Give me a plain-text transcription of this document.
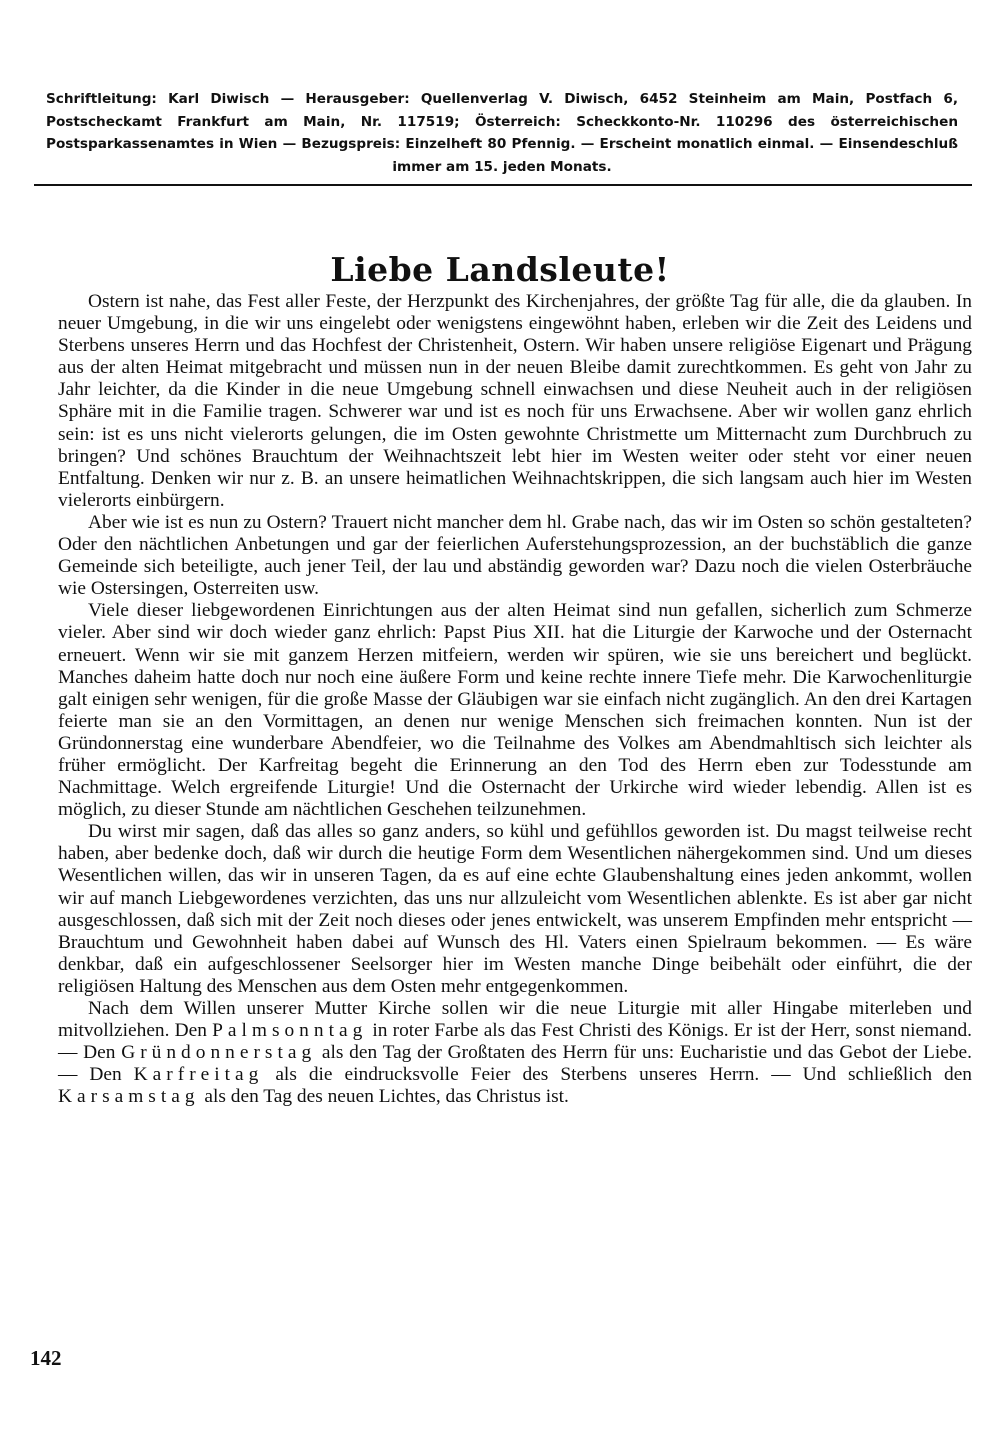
Schriftleitung: Karl Diwisch — Herausgeber: Quellenverlag V. Diwisch, 6452 Steinheim am Main, Postfach 6, Postscheckamt Frankfurt am Main, Nr. 117519; Österreich: Scheckkonto-Nr. 110296 des österreichischen Postsparkassenamtes in Wien — Bezugspreis: Einzelheft 80 Pfennig. — Erscheint monatlich einmal. — Einsendeschluß immer am 15. jeden Monats.
Liebe Landsleute!

Ostern ist nahe, das Fest aller Feste, der Herzpunkt des Kirchenjahres, der größte Tag für alle, die da glauben. In neuer Umgebung, in die wir uns eingelebt oder wenigstens eingewöhnt haben, erleben wir die Zeit des Leidens und Sterbens unseres Herrn und das Hochfest der Christenheit, Ostern. Wir haben unsere religiöse Eigenart und Prägung aus der alten Heimat mitgebracht und müssen nun in der neuen Bleibe damit zurechtkommen. Es geht von Jahr zu Jahr leichter, da die Kinder in die neue Umgebung schnell einwachsen und diese Neuheit auch in der religiösen Sphäre mit in die Familie tragen. Schwerer war und ist es noch für uns Erwachsene. Aber wir wollen ganz ehrlich sein: ist es uns nicht vielerorts gelungen, die im Osten gewohnte Christmette um Mitternacht zum Durchbruch zu bringen? Und schönes Brauchtum der Weihnachtszeit lebt hier im Westen weiter oder steht vor einer neuen Entfaltung. Denken wir nur z. B. an unsere heimatlichen Weihnachtskrippen, die sich langsam auch hier im Westen vielerorts einbürgern.

Aber wie ist es nun zu Ostern? Trauert nicht mancher dem hl. Grabe nach, das wir im Osten so schön gestalteten? Oder den nächtlichen Anbetungen und gar der feierlichen Auferstehungsprozession, an der buchstäblich die ganze Gemeinde sich beteiligte, auch jener Teil, der lau und abständig geworden war? Dazu noch die vielen Osterbräuche wie Ostersingen, Osterreiten usw.

Viele dieser liebgewordenen Einrichtungen aus der alten Heimat sind nun gefallen, sicherlich zum Schmerze vieler. Aber sind wir doch wieder ganz ehrlich: Papst Pius XII. hat die Liturgie der Karwoche und der Osternacht erneuert. Wenn wir sie mit ganzem Herzen mitfeiern, werden wir spüren, wie sie uns bereichert und beglückt. Manches daheim hatte doch nur noch eine äußere Form und keine rechte innere Tiefe mehr. Die Karwochenliturgie galt einigen sehr wenigen, für die große Masse der Gläubigen war sie einfach nicht zugänglich. An den drei Kartagen feierte man sie an den Vormittagen, an denen nur wenige Menschen sich freimachen konnten. Nun ist der Gründonnerstag eine wunderbare Abendfeier, wo die Teilnahme des Volkes am Abendmahltisch sich leichter als früher ermöglicht. Der Karfreitag begeht die Erinnerung an den Tod des Herrn eben zur Todesstunde am Nachmittage. Welch ergreifende Liturgie! Und die Osternacht der Urkirche wird wieder lebendig. Allen ist es möglich, zu dieser Stunde am nächtlichen Geschehen teilzunehmen.

Du wirst mir sagen, daß das alles so ganz anders, so kühl und gefühllos geworden ist. Du magst teilweise recht haben, aber bedenke doch, daß wir durch die heutige Form dem Wesentlichen nähergekommen sind. Und um dieses Wesentlichen willen, das wir in unseren Tagen, da es auf eine echte Glaubenshaltung eines jeden ankommt, wollen wir auf manch Liebgewordenes verzichten, das uns nur allzuleicht vom Wesentlichen ablenkte. Es ist aber gar nicht ausgeschlossen, daß sich mit der Zeit noch dieses oder jenes entwickelt, was unserem Empfinden mehr entspricht — Brauchtum und Gewohnheit haben dabei auf Wunsch des Hl. Vaters einen Spielraum bekommen. — Es wäre denkbar, daß ein aufgeschlossener Seelsorger hier im Westen manche Dinge beibehält oder einführt, die der religiösen Haltung des Menschen aus dem Osten mehr entgegenkommen.

Nach dem Willen unserer Mutter Kirche sollen wir die neue Liturgie mit aller Hingabe miterleben und mitvollziehen. Den Palmsonntag in roter Farbe als das Fest Christi des Königs. Er ist der Herr, sonst niemand. — Den Gründonnerstag als den Tag der Großtaten des Herrn für uns: Eucharistie und das Gebot der Liebe. — Den Karfreitag als die eindrucksvolle Feier des Sterbens unseres Herrn. — Und schließlich den Karsamstag als den Tag des neuen Lichtes, das Christus ist.

142
